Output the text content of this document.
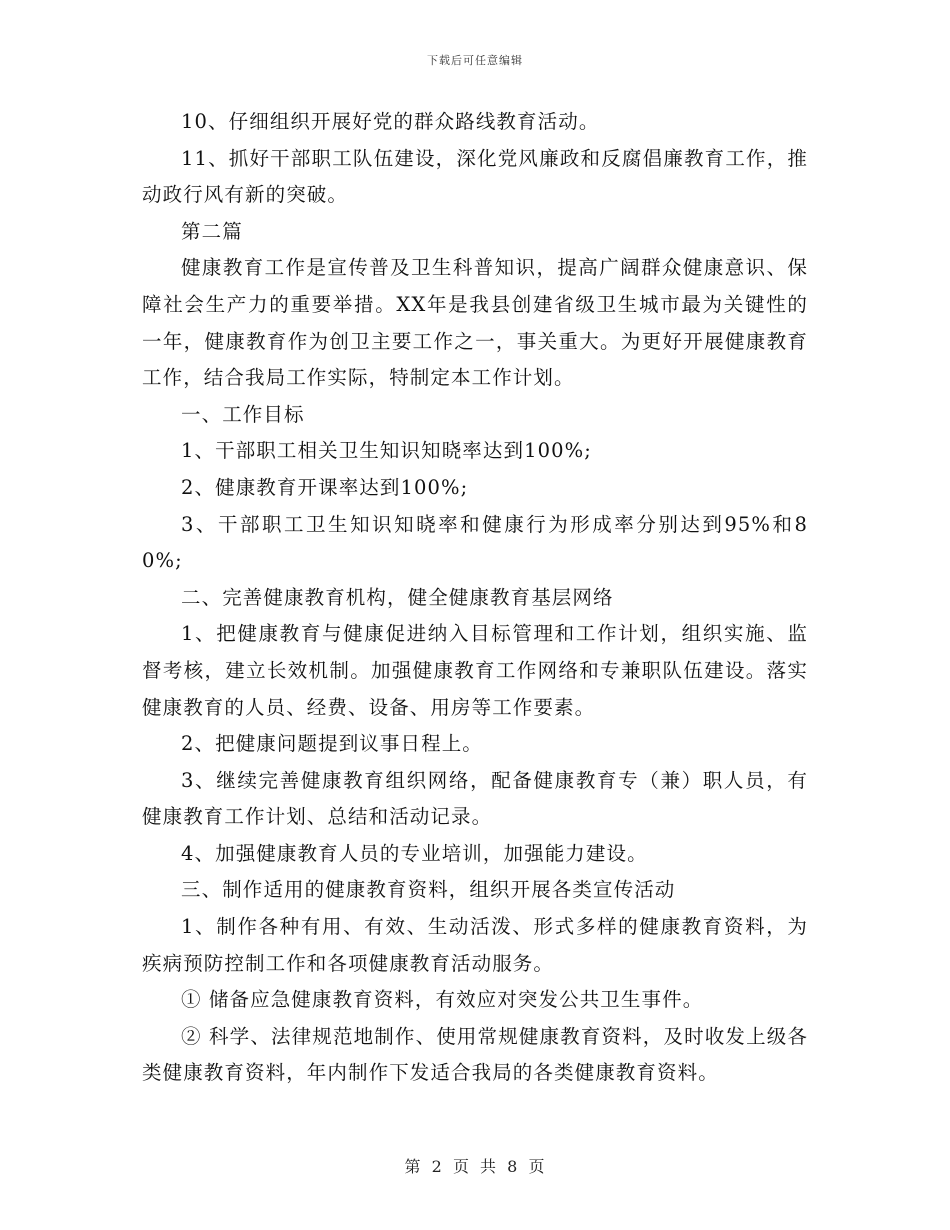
下载后可任意编辑

10、仔细组织开展好党的群众路线教育活动。

11、抓好干部职工队伍建设，深化党风廉政和反腐倡廉教育工作，推动政行风有新的突破。

第二篇

健康教育工作是宣传普及卫生科普知识，提高广阔群众健康意识、保障社会生产力的重要举措。XX年是我县创建省级卫生城市最为关键性的一年，健康教育作为创卫主要工作之一，事关重大。为更好开展健康教育工作，结合我局工作实际，特制定本工作计划。

一、工作目标

1、干部职工相关卫生知识知晓率达到100%;

2、健康教育开课率达到100%;

3、干部职工卫生知识知晓率和健康行为形成率分别达到95%和80%;

二、完善健康教育机构，健全健康教育基层网络

1、把健康教育与健康促进纳入目标管理和工作计划，组织实施、监督考核，建立长效机制。加强健康教育工作网络和专兼职队伍建设。落实健康教育的人员、经费、设备、用房等工作要素。

2、把健康问题提到议事日程上。

3、继续完善健康教育组织网络，配备健康教育专（兼）职人员，有健康教育工作计划、总结和活动记录。

4、加强健康教育人员的专业培训，加强能力建设。

三、制作适用的健康教育资料，组织开展各类宣传活动

1、制作各种有用、有效、生动活泼、形式多样的健康教育资料，为疾病预防控制工作和各项健康教育活动服务。

① 储备应急健康教育资料，有效应对突发公共卫生事件。

② 科学、法律规范地制作、使用常规健康教育资料，及时收发上级各类健康教育资料，年内制作下发适合我局的各类健康教育资料。

第 2 页 共 8 页
